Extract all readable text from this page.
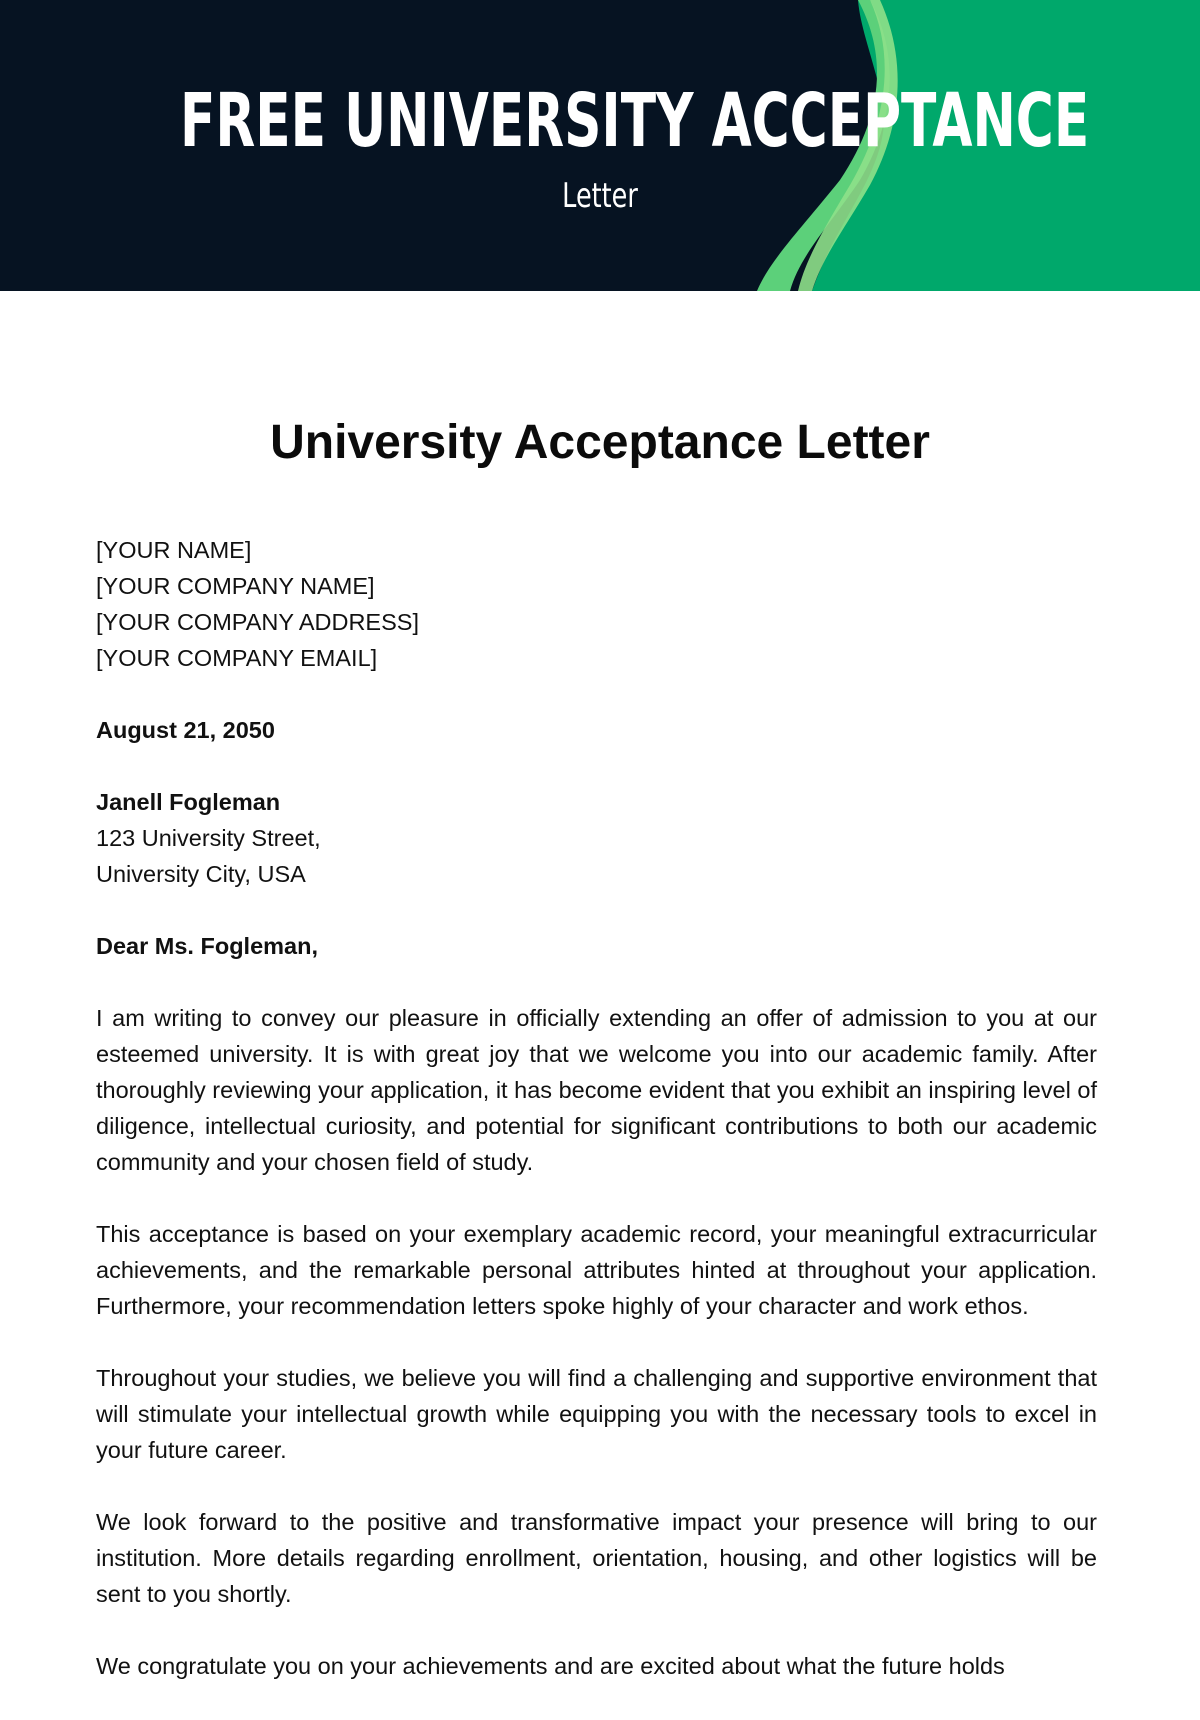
FREE UNIVERSITY ACCEPTANCE
Letter
University Acceptance Letter
[YOUR NAME]
[YOUR COMPANY NAME]
[YOUR COMPANY ADDRESS]
[YOUR COMPANY EMAIL]
August 21, 2050
Janell Fogleman
123 University Street,
University City, USA
Dear Ms. Fogleman,

I am writing to convey our pleasure in officially extending an offer of admission to you at our esteemed university. It is with great joy that we welcome you into our academic family. After thoroughly reviewing your application, it has become evident that you exhibit an inspiring level of diligence, intellectual curiosity, and potential for significant contributions to both our academic community and your chosen field of study.

This acceptance is based on your exemplary academic record, your meaningful extracurricular achievements, and the remarkable personal attributes hinted at throughout your application. Furthermore, your recommendation letters spoke highly of your character and work ethos.

Throughout your studies, we believe you will find a challenging and supportive environment that will stimulate your intellectual growth while equipping you with the necessary tools to excel in your future career.

We look forward to the positive and transformative impact your presence will bring to our institution. More details regarding enrollment, orientation, housing, and other logistics will be sent to you shortly.

We congratulate you on your achievements and are excited about what the future holds
